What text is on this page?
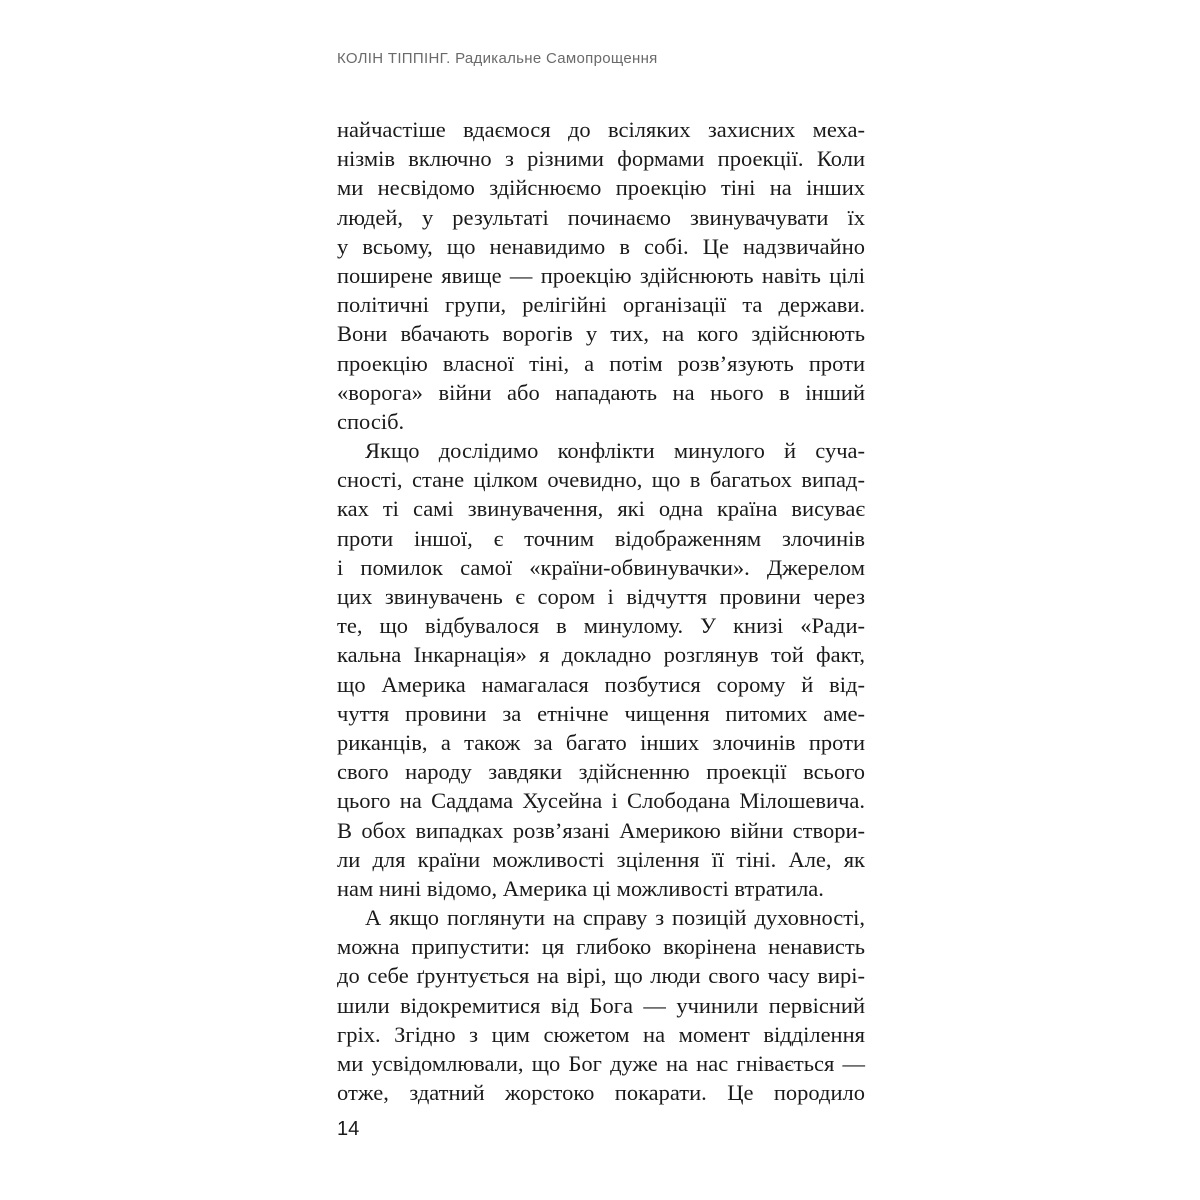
КОЛІН ТІППІНГ. Радикальне Самопрощення
найчастіше вдаємося до всіляких захисних меха-
нізмів включно з різними формами проекції. Коли
ми несвідомо здійснюємо проекцію тіні на інших
людей, у результаті починаємо звинувачувати їх
у всьому, що ненавидимо в собі. Це надзвичайно
поширене явище — проекцію здійснюють навіть цілі
політичні групи, релігійні організації та держави.
Вони вбачають ворогів у тих, на кого здійснюють
проекцію власної тіні, а потім розв’язують проти
«ворога» війни або нападають на нього в інший
спосіб.
Якщо дослідимо конфлікти минулого й суча-
сності, стане цілком очевидно, що в багатьох випад-
ках ті самі звинувачення, які одна країна висуває
проти іншої, є точним відображенням злочинів
і помилок самої «країни-обвинувачки». Джерелом
цих звинувачень є сором і відчуття провини через
те, що відбувалося в минулому. У книзі «Ради-
кальна Інкарнація» я докладно розглянув той факт,
що Америка намагалася позбутися сорому й від-
чуття провини за етнічне чищення питомих аме-
риканців, а також за багато інших злочинів проти
свого народу завдяки здійсненню проекції всього
цього на Саддама Хусейна і Слободана Мілошевича.
В обох випадках розв’язані Америкою війни створи-
ли для країни можливості зцілення її тіні. Але, як
нам нині відомо, Америка ці можливості втратила.
А якщо поглянути на справу з позицій духовності,
можна припустити: ця глибоко вкорінена ненависть
до себе ґрунтується на вірі, що люди свого часу вирі-
шили відокремитися від Бога — учинили первісний
гріх. Згідно з цим сюжетом на момент відділення
ми усвідомлювали, що Бог дуже на нас гнівається —
отже, здатний жорстоко покарати. Це породило
14
